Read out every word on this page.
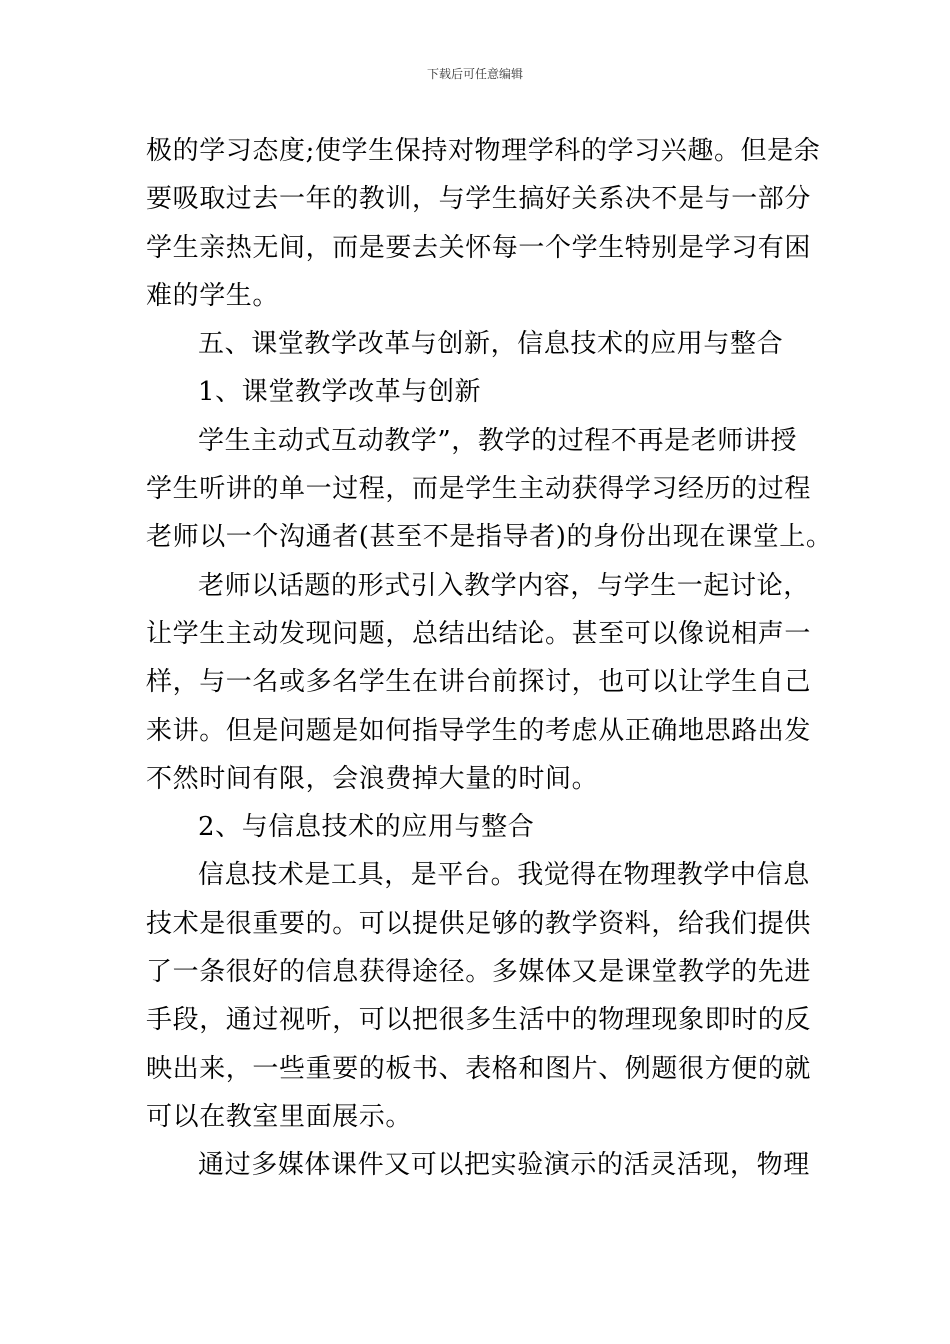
下载后可任意编辑
极的学习态度;使学生保持对物理学科的学习兴趣。但是余
要吸取过去一年的教训，与学生搞好关系决不是与一部分
学生亲热无间，而是要去关怀每一个学生特别是学习有困
难的学生。
五、课堂教学改革与创新，信息技术的应用与整合
1、课堂教学改革与创新
学生主动式互动教学”，教学的过程不再是老师讲授
学生听讲的单一过程，而是学生主动获得学习经历的过程
老师以一个沟通者(甚至不是指导者)的身份出现在课堂上。
老师以话题的形式引入教学内容，与学生一起讨论，
让学生主动发现问题，总结出结论。甚至可以像说相声一
样，与一名或多名学生在讲台前探讨，也可以让学生自己
来讲。但是问题是如何指导学生的考虑从正确地思路出发
不然时间有限，会浪费掉大量的时间。
2、与信息技术的应用与整合
信息技术是工具，是平台。我觉得在物理教学中信息
技术是很重要的。可以提供足够的教学资料，给我们提供
了一条很好的信息获得途径。多媒体又是课堂教学的先进
手段，通过视听，可以把很多生活中的物理现象即时的反
映出来，一些重要的板书、表格和图片、例题很方便的就
可以在教室里面展示。
通过多媒体课件又可以把实验演示的活灵活现，物理
